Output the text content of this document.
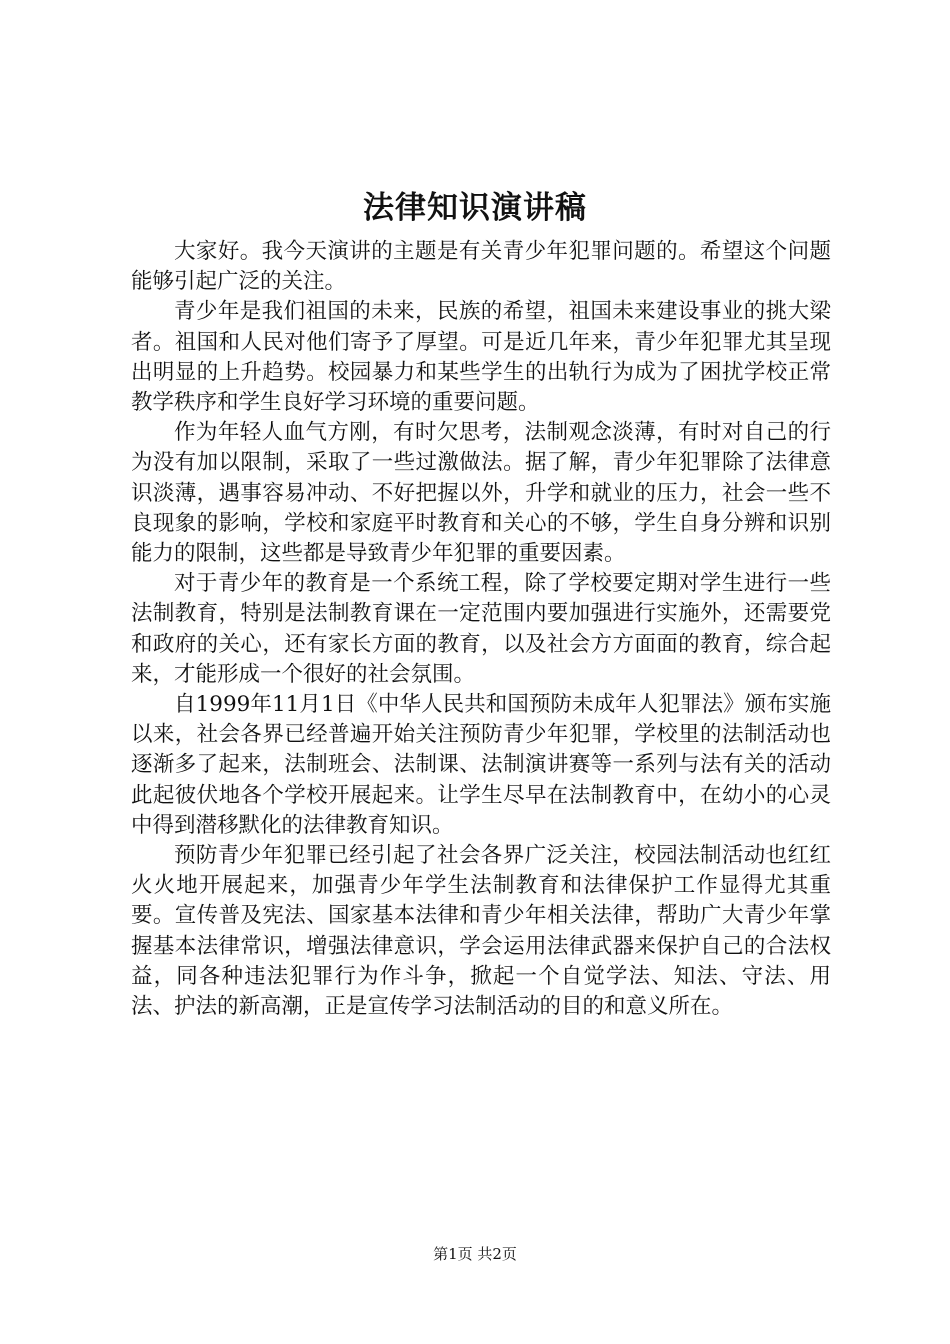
法律知识演讲稿

大家好。我今天演讲的主题是有关青少年犯罪问题的。希望这个问题能够引起广泛的关注。

青少年是我们祖国的未来，民族的希望，祖国未来建设事业的挑大梁者。祖国和人民对他们寄予了厚望。可是近几年来，青少年犯罪尤其呈现出明显的上升趋势。校园暴力和某些学生的出轨行为成为了困扰学校正常教学秩序和学生良好学习环境的重要问题。

作为年轻人血气方刚，有时欠思考，法制观念淡薄，有时对自己的行为没有加以限制，采取了一些过激做法。据了解，青少年犯罪除了法律意识淡薄，遇事容易冲动、不好把握以外，升学和就业的压力，社会一些不良现象的影响，学校和家庭平时教育和关心的不够，学生自身分辨和识别能力的限制，这些都是导致青少年犯罪的重要因素。

对于青少年的教育是一个系统工程，除了学校要定期对学生进行一些法制教育，特别是法制教育课在一定范围内要加强进行实施外，还需要党和政府的关心，还有家长方面的教育，以及社会方方面面的教育，综合起来，才能形成一个很好的社会氛围。

自1999年11月1日《中华人民共和国预防未成年人犯罪法》颁布实施以来，社会各界已经普遍开始关注预防青少年犯罪，学校里的法制活动也逐渐多了起来，法制班会、法制课、法制演讲赛等一系列与法有关的活动此起彼伏地各个学校开展起来。让学生尽早在法制教育中，在幼小的心灵中得到潜移默化的法律教育知识。

预防青少年犯罪已经引起了社会各界广泛关注，校园法制活动也红红火火地开展起来，加强青少年学生法制教育和法律保护工作显得尤其重要。宣传普及宪法、国家基本法律和青少年相关法律，帮助广大青少年掌握基本法律常识，增强法律意识，学会运用法律武器来保护自己的合法权益，同各种违法犯罪行为作斗争，掀起一个自觉学法、知法、守法、用法、护法的新高潮，正是宣传学习法制活动的目的和意义所在。

第1页 共2页
